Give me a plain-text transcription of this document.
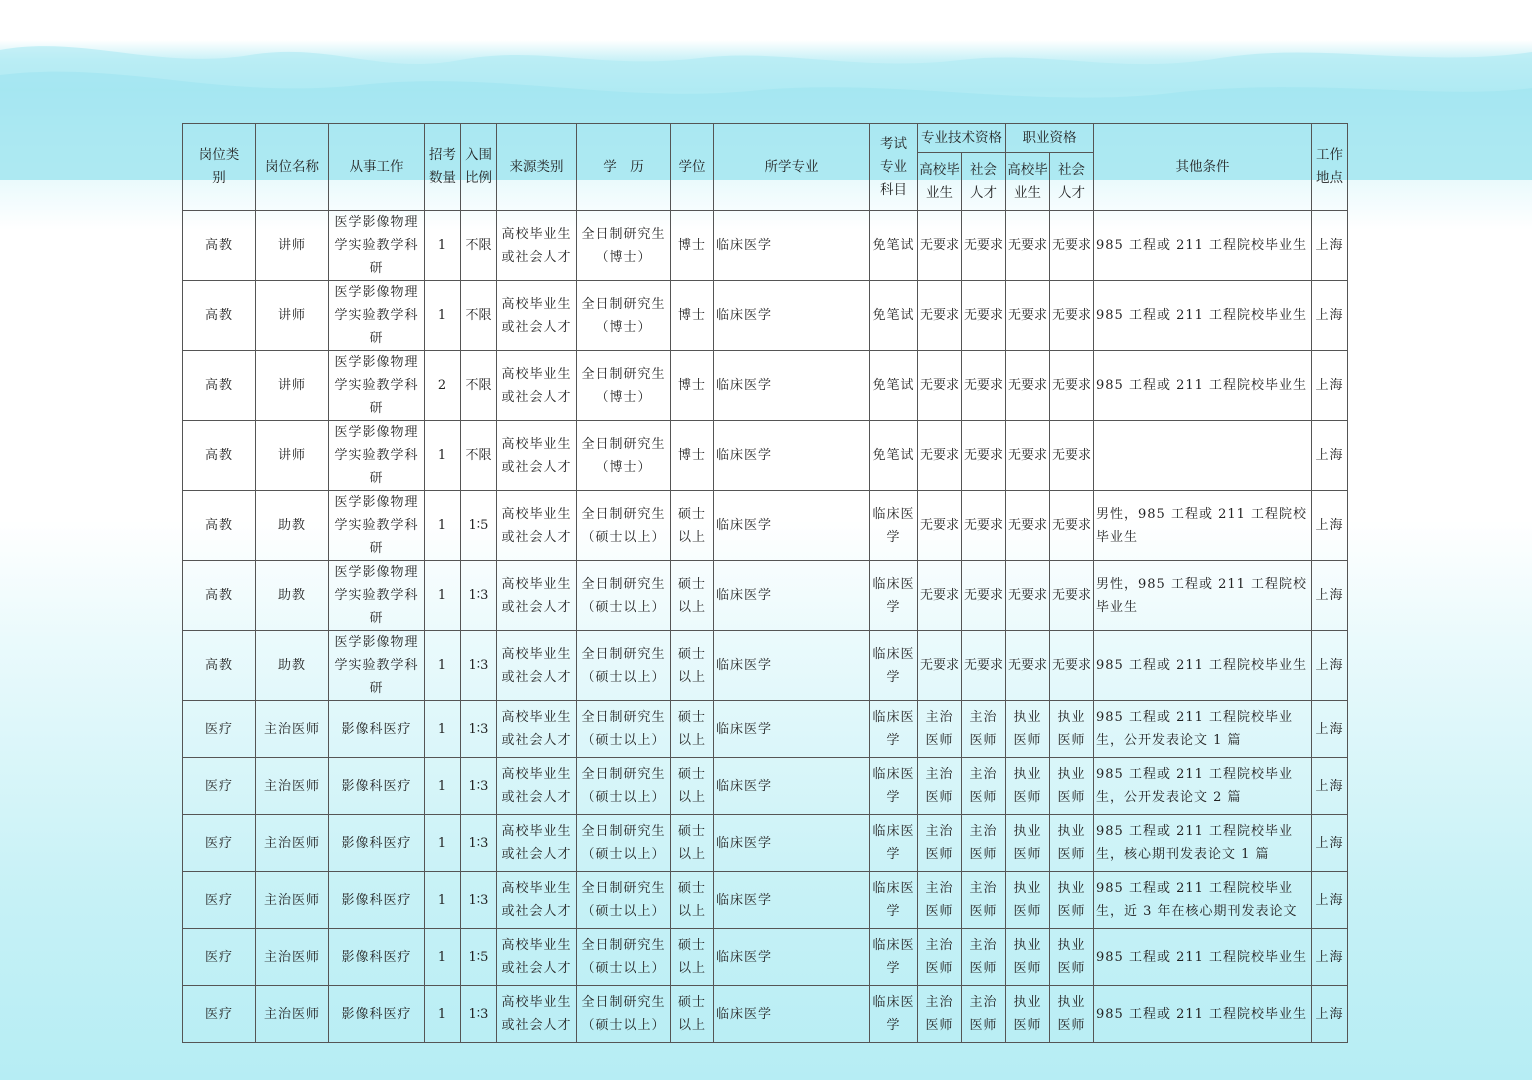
岗位类别	岗位名称	从事工作	招考数量	入围比例	来源类别	学　历	学位	所学专业	考试专业科目	专业技术资格		职业资格		其他条件	工作地点
										高校毕业生	社会人才	高校毕业生	社会人才		
高教	讲师	医学影像物理学实验教学科研	1	不限	高校毕业生或社会人才	全日制研究生（博士）	博士	临床医学	免笔试	无要求	无要求	无要求	无要求	985 工程或 211 工程院校毕业生	上海
高教	讲师	医学影像物理学实验教学科研	1	不限	高校毕业生或社会人才	全日制研究生（博士）	博士	临床医学	免笔试	无要求	无要求	无要求	无要求	985 工程或 211 工程院校毕业生	上海
高教	讲师	医学影像物理学实验教学科研	2	不限	高校毕业生或社会人才	全日制研究生（博士）	博士	临床医学	免笔试	无要求	无要求	无要求	无要求	985 工程或 211 工程院校毕业生	上海
高教	讲师	医学影像物理学实验教学科研	1	不限	高校毕业生或社会人才	全日制研究生（博士）	博士	临床医学	免笔试	无要求	无要求	无要求	无要求		上海
高教	助教	医学影像物理学实验教学科研	1	1∶5	高校毕业生或社会人才	全日制研究生（硕士以上）	硕士以上	临床医学	临床医学	无要求	无要求	无要求	无要求	男性，985 工程或 211 工程院校毕业生	上海
高教	助教	医学影像物理学实验教学科研	1	1∶3	高校毕业生或社会人才	全日制研究生（硕士以上）	硕士以上	临床医学	临床医学	无要求	无要求	无要求	无要求	男性，985 工程或 211 工程院校毕业生	上海
高教	助教	医学影像物理学实验教学科研	1	1∶3	高校毕业生或社会人才	全日制研究生（硕士以上）	硕士以上	临床医学	临床医学	无要求	无要求	无要求	无要求	985 工程或 211 工程院校毕业生	上海
医疗	主治医师	影像科医疗	1	1∶3	高校毕业生或社会人才	全日制研究生（硕士以上）	硕士以上	临床医学	临床医学	主治医师	主治医师	执业医师	执业医师	985 工程或 211 工程院校毕业生，公开发表论文 1 篇	上海
医疗	主治医师	影像科医疗	1	1∶3	高校毕业生或社会人才	全日制研究生（硕士以上）	硕士以上	临床医学	临床医学	主治医师	主治医师	执业医师	执业医师	985 工程或 211 工程院校毕业生，公开发表论文 2 篇	上海
医疗	主治医师	影像科医疗	1	1∶3	高校毕业生或社会人才	全日制研究生（硕士以上）	硕士以上	临床医学	临床医学	主治医师	主治医师	执业医师	执业医师	985 工程或 211 工程院校毕业生，核心期刊发表论文 1 篇	上海
医疗	主治医师	影像科医疗	1	1∶3	高校毕业生或社会人才	全日制研究生（硕士以上）	硕士以上	临床医学	临床医学	主治医师	主治医师	执业医师	执业医师	985 工程或 211 工程院校毕业生，近 3 年在核心期刊发表论文	上海
医疗	主治医师	影像科医疗	1	1∶5	高校毕业生或社会人才	全日制研究生（硕士以上）	硕士以上	临床医学	临床医学	主治医师	主治医师	执业医师	执业医师	985 工程或 211 工程院校毕业生	上海
医疗	主治医师	影像科医疗	1	1∶3	高校毕业生或社会人才	全日制研究生（硕士以上）	硕士以上	临床医学	临床医学	主治医师	主治医师	执业医师	执业医师	985 工程或 211 工程院校毕业生	上海
